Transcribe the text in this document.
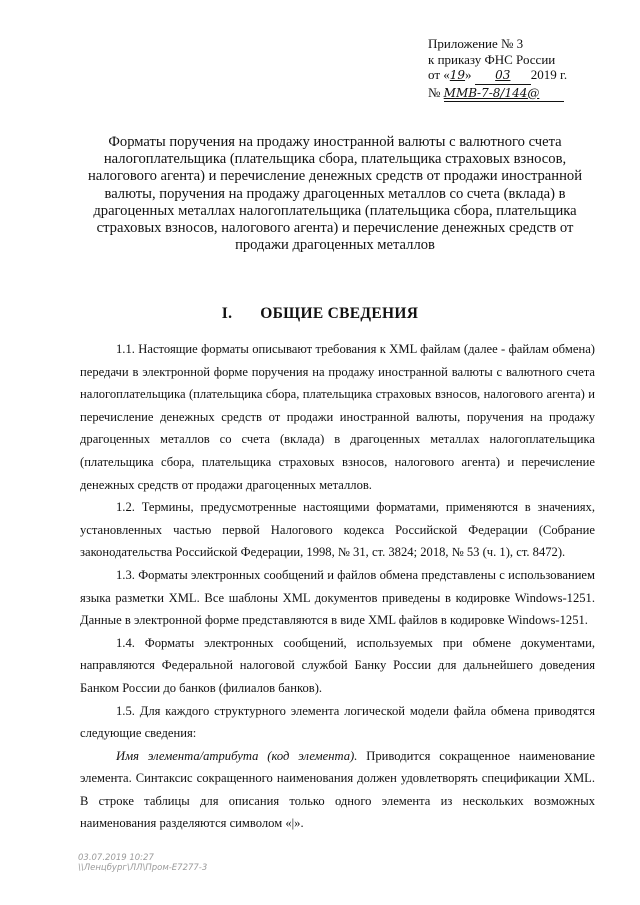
Приложение № 3
к приказу ФНС России
от «19» 03 2019 г.
№ ММВ-7-8/144@
Форматы поручения на продажу иностранной валюты с валютного счета налогоплательщика (плательщика сбора, плательщика страховых взносов, налогового агента) и перечисление денежных средств от продажи иностранной валюты, поручения на продажу драгоценных металлов со счета (вклада) в драгоценных металлах налогоплательщика (плательщика сбора, плательщика страховых взносов, налогового агента) и перечисление денежных средств от продажи драгоценных металлов
I. ОБЩИЕ СВЕДЕНИЯ

1.1. Настоящие форматы описывают требования к XML файлам (далее - файлам обмена) передачи в электронной форме поручения на продажу иностранной валюты с валютного счета налогоплательщика (плательщика сбора, плательщика страховых взносов, налогового агента) и перечисление денежных средств от продажи иностранной валюты, поручения на продажу драгоценных металлов со счета (вклада) в драгоценных металлах налогоплательщика (плательщика сбора, плательщика страховых взносов, налогового агента) и перечисление денежных средств от продажи драгоценных металлов.

1.2. Термины, предусмотренные настоящими форматами, применяются в значениях, установленных частью первой Налогового кодекса Российской Федерации (Собрание законодательства Российской Федерации, 1998, № 31, ст. 3824; 2018, № 53 (ч. 1), ст. 8472).

1.3. Форматы электронных сообщений и файлов обмена представлены с использованием языка разметки XML. Все шаблоны XML документов приведены в кодировке Windows-1251. Данные в электронной форме представляются в виде XML файлов в кодировке Windows-1251.

1.4. Форматы электронных сообщений, используемых при обмене документами, направляются Федеральной налоговой службой Банку России для дальнейшего доведения Банком России до банков (филиалов банков).

1.5. Для каждого структурного элемента логической модели файла обмена приводятся следующие сведения:

Имя элемента/атрибута (код элемента). Приводится сокращенное наименование элемента. Синтаксис сокращенного наименования должен удовлетворять спецификации XML. В строке таблицы для описания только одного элемента из нескольких возможных наименования разделяются символом «|».

03.07.2019 10:27
\\Ленцбург\ЛЛ\Пром-E7277-3
